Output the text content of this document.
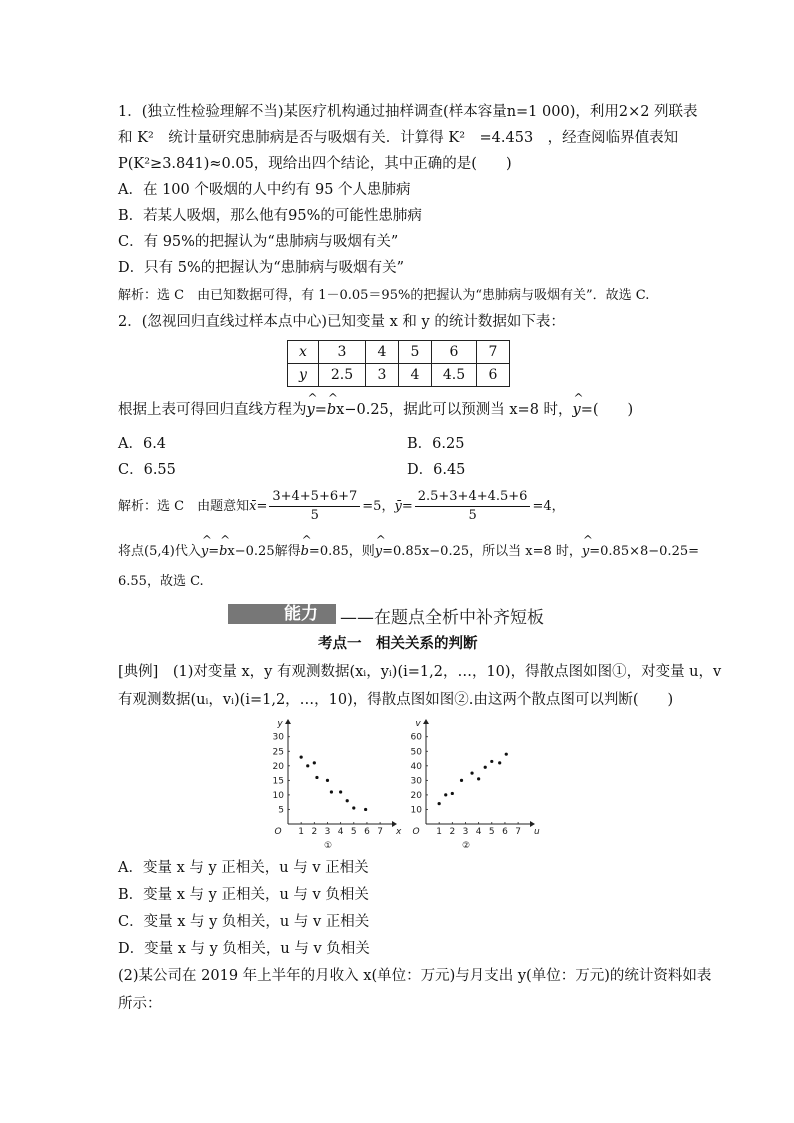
1．(独立性检验理解不当)某医疗机构通过抽样调查(样本容量n=1 000)，利用2×2 列联表
和 K²　统计量研究患肺病是否与吸烟有关．计算得 K²　=4.453　，经查阅临界值表知
P(K²≥3.841)≈0.05，现给出四个结论，其中正确的是(　　)
A．在 100 个吸烟的人中约有 95 个人患肺病
B．若某人吸烟，那么他有95%的可能性患肺病
C．有 95%的把握认为“患肺病与吸烟有关”
D．只有 5%的把握认为“患肺病与吸烟有关”
解析：选 C　由已知数据可得，有 1－0.05＝95%的把握认为“患肺病与吸烟有关”．故选 C.
2．(忽视回归直线过样本点中心)已知变量 x 和 y 的统计数据如下表：
x	3	4	5	6	7
y	2.5	3	4	4.5	6
根据上表可得回归直线方程为^ y=^ bx−0.25，据此可以预测当 x=8 时，^ y=(　　)
A．6.4	B．6.25
C．6.55	D．6.45
解析：选 C　由题意知x̄= $\frac{3+4+5+6+7}{5} =5$，ȳ= $\frac{2.5+3+4+4.5+6}{5} =4$，
将点(5,4)代入^ y=^ bx−0.25解得^ b=0.85，则^ y=0.85x−0.25，所以当 x=8 时，^ y=0.85×8−0.25=
6.55，故选 C.
能力 ——在题点全析中补齐短板
考点一　相关关系的判断
[典例]　(1)对变量 x，y 有观测数据(xᵢ，yᵢ)(i=1,2，…，10)，得散点图如图①，对变量 u，v
有观测数据(uᵢ，vᵢ)(i=1,2，…，10)，得散点图如图②.由这两个散点图可以判断(　　)
1 2 3 4 5 6 7
5
10
15
20
25
30
O	x
y
①
1 2 3 4 5 6 7
10
20
30
40
50
60
O	u
v
②
A．变量 x 与 y 正相关，u 与 v 正相关
B．变量 x 与 y 正相关，u 与 v 负相关
C．变量 x 与 y 负相关，u 与 v 正相关
D．变量 x 与 y 负相关，u 与 v 负相关
(2)某公司在 2019 年上半年的月收入 x(单位：万元)与月支出 y(单位：万元)的统计资料如表
所示：
